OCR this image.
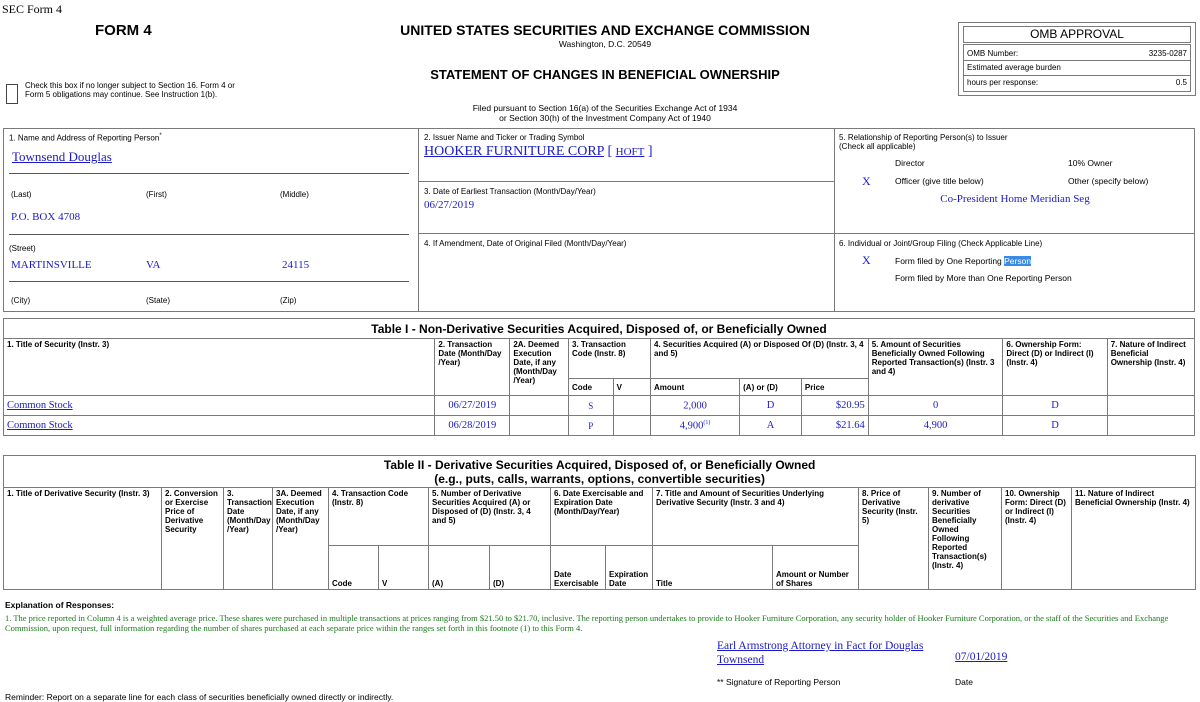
SEC Form 4
FORM 4
Check this box if no longer subject to Section 16. Form 4 or Form 5 obligations may continue. See Instruction 1(b).
UNITED STATES SECURITIES AND EXCHANGE COMMISSION
Washington, D.C. 20549
STATEMENT OF CHANGES IN BENEFICIAL OWNERSHIP
Filed pursuant to Section 16(a) of the Securities Exchange Act of 1934
or Section 30(h) of the Investment Company Act of 1940
OMB APPROVAL
OMB Number:	3235-0287
Estimated average burden
hours per response:	0.5
1. Name and Address of Reporting Person*
Townsend Douglas
(Last)	(First)	(Middle)
P.O. BOX 4708
(Street)
MARTINSVILLE	VA	24115
(City)	(State)	(Zip)
2. Issuer Name and Ticker or Trading Symbol
HOOKER FURNITURE CORP [ HOFT ]
3. Date of Earliest Transaction (Month/Day/Year)
06/27/2019
4. If Amendment, Date of Original Filed (Month/Day/Year)
5. Relationship of Reporting Person(s) to Issuer
(Check all applicable)
Director	10% Owner
X	Officer (give title below)	Other (specify below)
Co-President Home Meridian Seg
6. Individual or Joint/Group Filing (Check Applicable Line)
X	Form filed by One Reporting Person
Form filed by More than One Reporting Person
Table I - Non-Derivative Securities Acquired, Disposed of, or Beneficially Owned										
1. Title of Security (Instr. 3)	2. Transaction Date (Month/Day /Year)	2A. Deemed Execution Date, if any (Month/Day /Year)	3. Transaction Code (Instr. 8)		4. Securities Acquired (A) or Disposed Of (D) (Instr. 3, 4 and 5)			5. Amount of Securities Beneficially Owned Following Reported Transaction(s) (Instr. 3 and 4)	6. Ownership Form: Direct (D) or Indirect (I) (Instr. 4)	7. Nature of Indirect Beneficial Ownership (Instr. 4)
			Code	V	Amount	(A) or (D)	Price			
Common Stock	06/27/2019		S		2,000	D	$20.95	0	D	
Common Stock	06/28/2019		P		4,900$^{(1)}$	A	$21.64	4,900	D	
Table II - Derivative Securities Acquired, Disposed of, or Beneficially Owned
(e.g., puts, calls, warrants, options, convertible securities)															

1. Title of Derivative Security (Instr. 3)	2. Conversion or Exercise Price of Derivative Security	3. Transaction Date (Month/Day /Year)	3A. Deemed Execution Date, if any (Month/Day /Year)	4. Transaction Code (Instr. 8)		5. Number of Derivative Securities Acquired (A) or Disposed of (D) (Instr. 3, 4 and 5)		6. Date Exercisable and Expiration Date (Month/Day/Year)		7. Title and Amount of Securities Underlying Derivative Security (Instr. 3 and 4)		8. Price of Derivative Security (Instr. 5)	9. Number of derivative Securities Beneficially Owned Following Reported Transaction(s) (Instr. 4)	10. Ownership Form: Direct (D) or Indirect (I) (Instr. 4)	11. Nature of Indirect Beneficial Ownership (Instr. 4)
				Code	V	(A)	(D)	Date Exercisable	Expiration Date	Title	Amount or Number of Shares				
Explanation of Responses:
1. The price reported in Column 4 is a weighted average price. These shares were purchased in multiple transactions at prices ranging from $21.50 to $21.70, inclusive. The reporting person undertakes to provide to Hooker Furniture Corporation, any security holder of Hooker Furniture Corporation, or the staff of the Securities and Exchange Commission, upon request, full information regarding the number of shares purchased at each separate price within the ranges set forth in this footnote (1) to this Form 4.
Earl Armstrong Attorney in Fact for Douglas
Townsend	07/01/2019
** Signature of Reporting Person	Date
Reminder: Report on a separate line for each class of securities beneficially owned directly or indirectly.
